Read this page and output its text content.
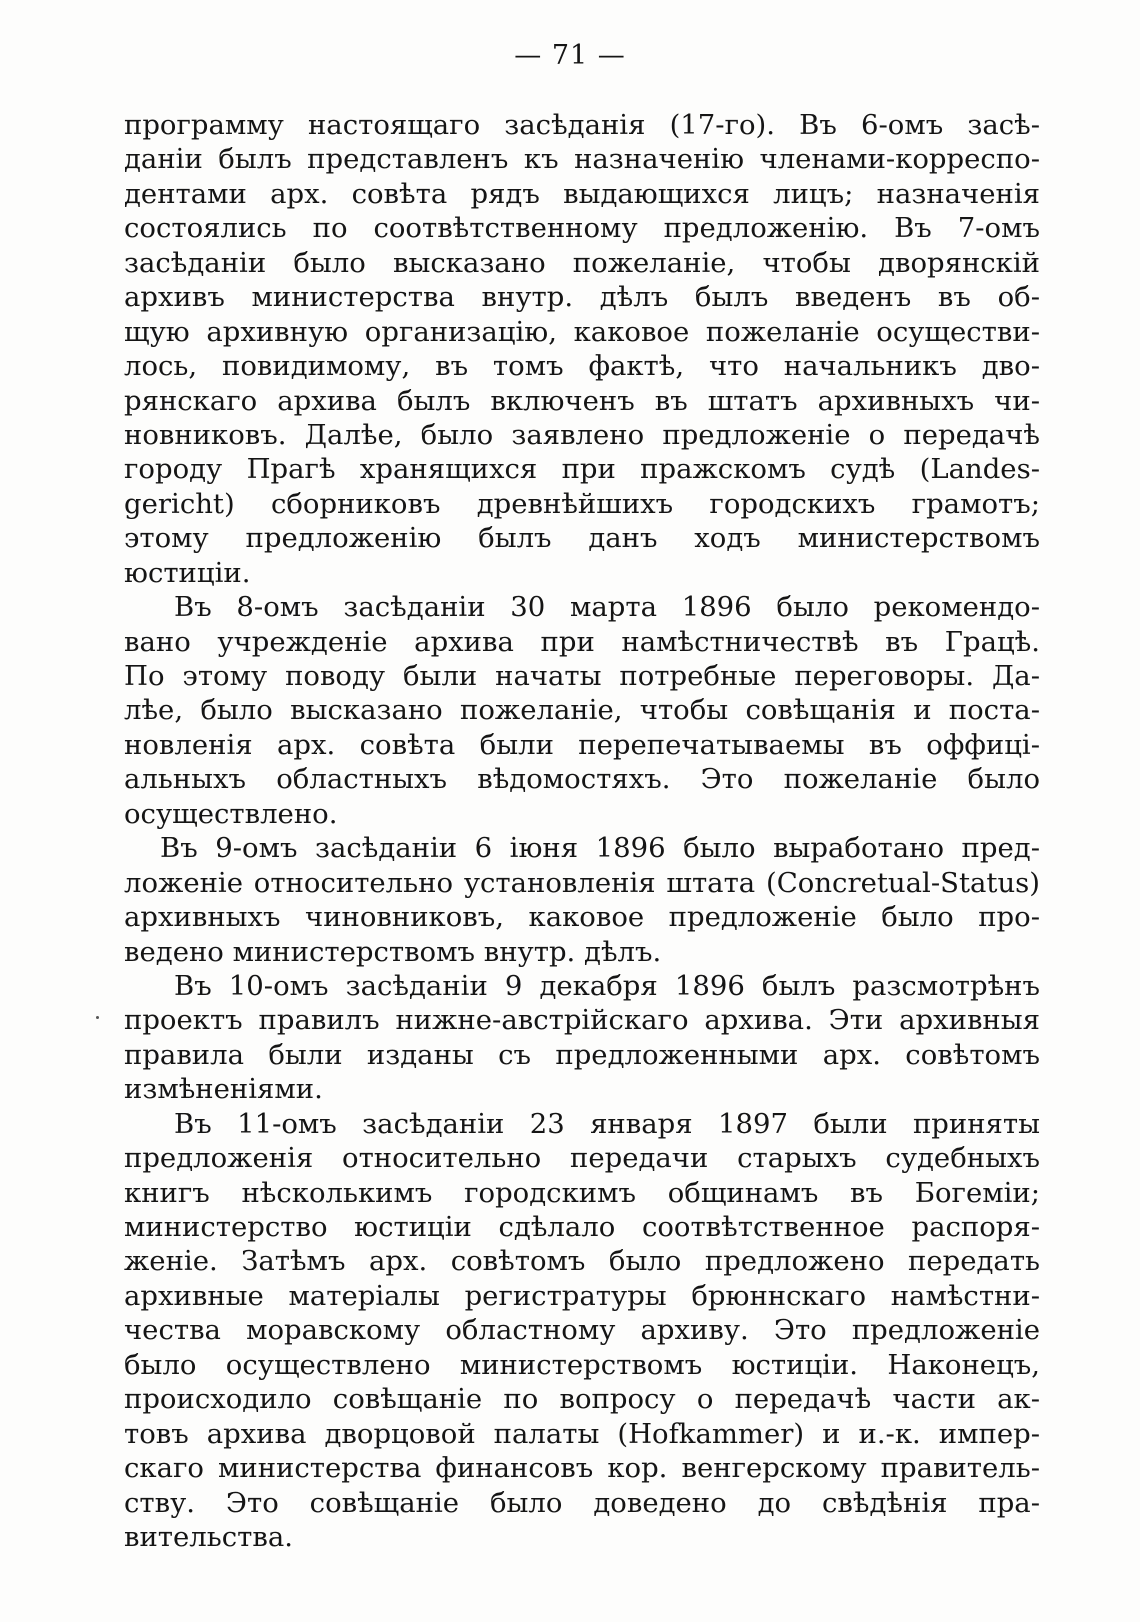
— 71 —

программу настоящаго засѣданія (17-го). Въ 6-омъ засѣ-
даніи былъ представленъ къ назначенію членами-корреспо-
дентами арх. совѣта рядъ выдающихся лицъ; назначенія
состоялись по соотвѣтственному предложенію. Въ 7-омъ
засѣданіи было высказано пожеланіе, чтобы дворянскій
архивъ министерства внутр. дѣлъ былъ введенъ въ об-
щую архивную организацію, каковое пожеланіе осуществи-
лось, повидимому, въ томъ фактѣ, что начальникъ дво-
рянскаго архива былъ включенъ въ штатъ архивныхъ чи-
новниковъ. Далѣе, было заявлено предложеніе о передачѣ
городу Прагѣ хранящихся при пражскомъ судѣ (Landes-
gericht) сборниковъ древнѣйшихъ городскихъ грамотъ;
этому предложенію былъ данъ ходъ министерствомъ
юстиціи.
Въ 8-омъ засѣданіи 30 марта 1896 было рекомендо-
вано учрежденіе архива при намѣстничествѣ въ Грацѣ.
По этому поводу были начаты потребные переговоры. Да-
лѣе, было высказано пожеланіе, чтобы совѣщанія и поста-
новленія арх. совѣта были перепечатываемы въ оффиці-
альныхъ областныхъ вѣдомостяхъ. Это пожеланіе было
осуществлено.
Въ 9-омъ засѣданіи 6 іюня 1896 было выработано пред-
ложеніе относительно установленія штата (Concretual-Status)
архивныхъ чиновниковъ, каковое предложеніе было про-
ведено министерствомъ внутр. дѣлъ.
Въ 10-омъ засѣданіи 9 декабря 1896 былъ разсмотрѣнъ
проектъ правилъ нижне-австрійскаго архива. Эти архивныя
правила были изданы съ предложенными арх. совѣтомъ
измѣненіями.
Въ 11-омъ засѣданіи 23 января 1897 были приняты
предложенія относительно передачи старыхъ судебныхъ
книгъ нѣсколькимъ городскимъ общинамъ въ Богеміи;
министерство юстиціи сдѣлало соотвѣтственное распоря-
женіе. Затѣмъ арх. совѣтомъ было предложено передать
архивные матеріалы регистратуры брюннскаго намѣстни-
чества моравскому областному архиву. Это предложеніе
было осуществлено министерствомъ юстиціи. Наконецъ,
происходило совѣщаніе по вопросу о передачѣ части ак-
товъ архива дворцовой палаты (Hofkammer) и и.-к. импер-
скаго министерства финансовъ кор. венгерскому правитель-
ству. Это совѣщаніе было доведено до свѣдѣнія пра-
вительства.
